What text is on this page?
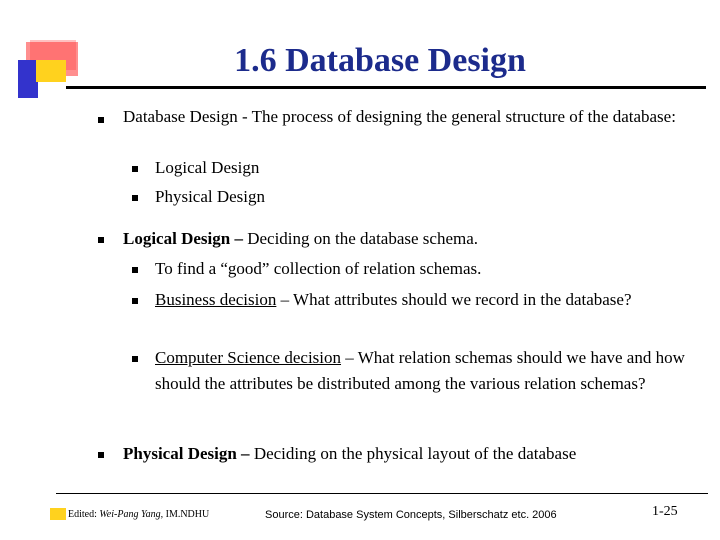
1.6 Database Design
Database Design - The process of designing the general structure of the database:
Logical Design
Physical Design
Logical Design – Deciding on the database schema.
To find a “good” collection of relation schemas.
Business decision – What attributes should we record in the database?
Computer Science decision – What relation schemas should we have and how should the attributes be distributed among the various relation schemas?
Physical Design – Deciding on the physical layout of the database
Edited: Wei-Pang Yang, IM.NDHU	Source: Database System Concepts, Silberschatz etc. 2006	1-25
